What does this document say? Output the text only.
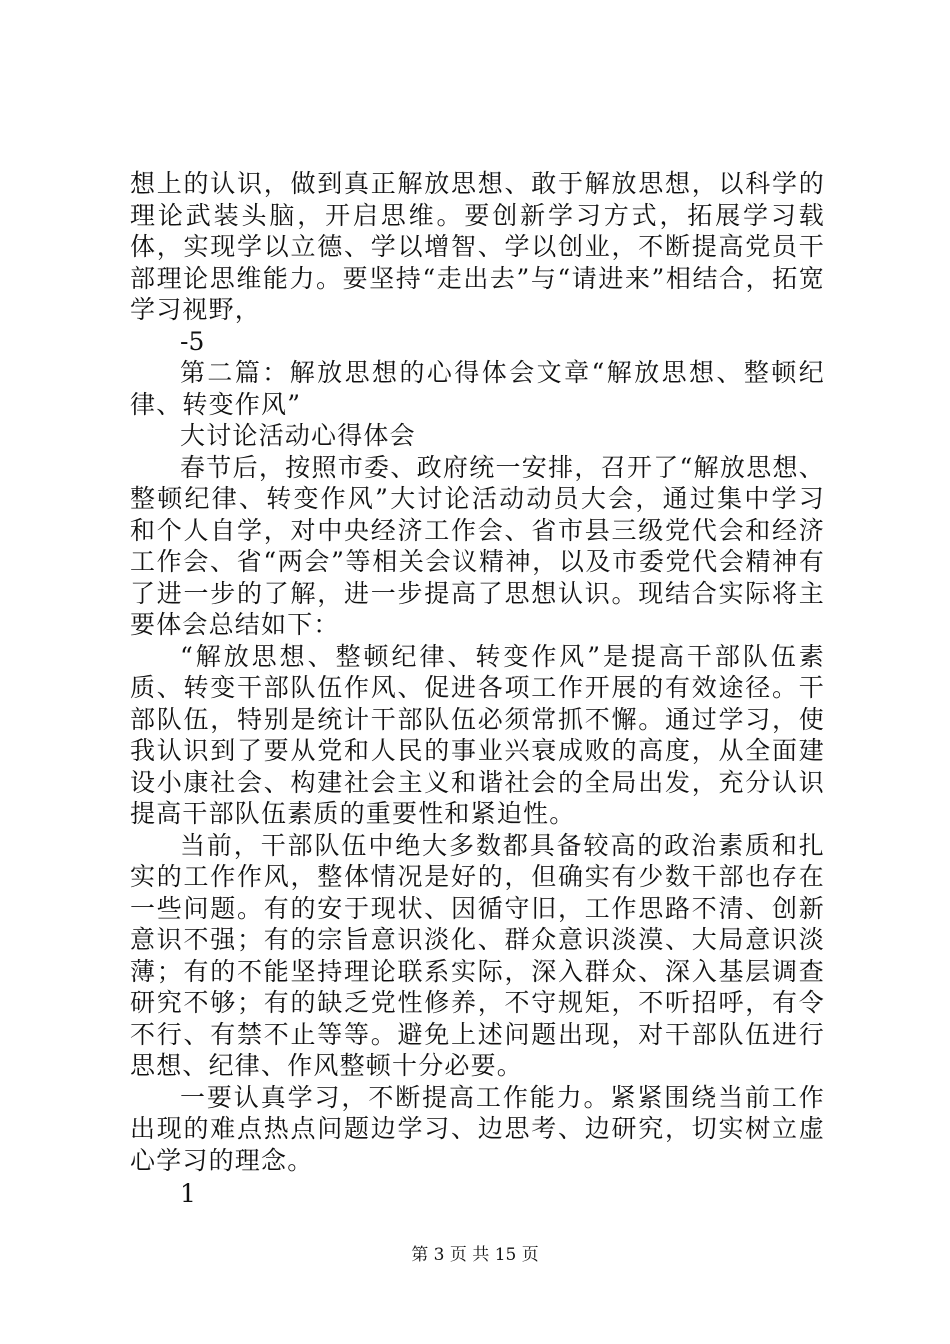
想上的认识，做到真正解放思想、敢于解放思想，以科学的理论武装头脑，开启思维。要创新学习方式，拓展学习载体，实现学以立德、学以增智、学以创业，不断提高党员干部理论思维能力。要坚持“走出去”与“请进来”相结合，拓宽学习视野，

-5

第二篇：解放思想的心得体会文章“解放思想、整顿纪律、转变作风”

大讨论活动心得体会

春节后，按照市委、政府统一安排，召开了“解放思想、整顿纪律、转变作风”大讨论活动动员大会，通过集中学习和个人自学，对中央经济工作会、省市县三级党代会和经济工作会、省“两会”等相关会议精神，以及市委党代会精神有了进一步的了解，进一步提高了思想认识。现结合实际将主要体会总结如下：

“解放思想、整顿纪律、转变作风”是提高干部队伍素质、转变干部队伍作风、促进各项工作开展的有效途径。干部队伍，特别是统计干部队伍必须常抓不懈。通过学习，使我认识到了要从党和人民的事业兴衰成败的高度，从全面建设小康社会、构建社会主义和谐社会的全局出发，充分认识提高干部队伍素质的重要性和紧迫性。

当前，干部队伍中绝大多数都具备较高的政治素质和扎实的工作作风，整体情况是好的，但确实有少数干部也存在一些问题。有的安于现状、因循守旧，工作思路不清、创新意识不强；有的宗旨意识淡化、群众意识淡漠、大局意识淡薄；有的不能坚持理论联系实际，深入群众、深入基层调查研究不够；有的缺乏党性修养，不守规矩，不听招呼，有令不行、有禁不止等等。避免上述问题出现，对干部队伍进行思想、纪律、作风整顿十分必要。

一要认真学习，不断提高工作能力。紧紧围绕当前工作出现的难点热点问题边学习、边思考、边研究，切实树立虚心学习的理念。

1

第 3 页 共 15 页
